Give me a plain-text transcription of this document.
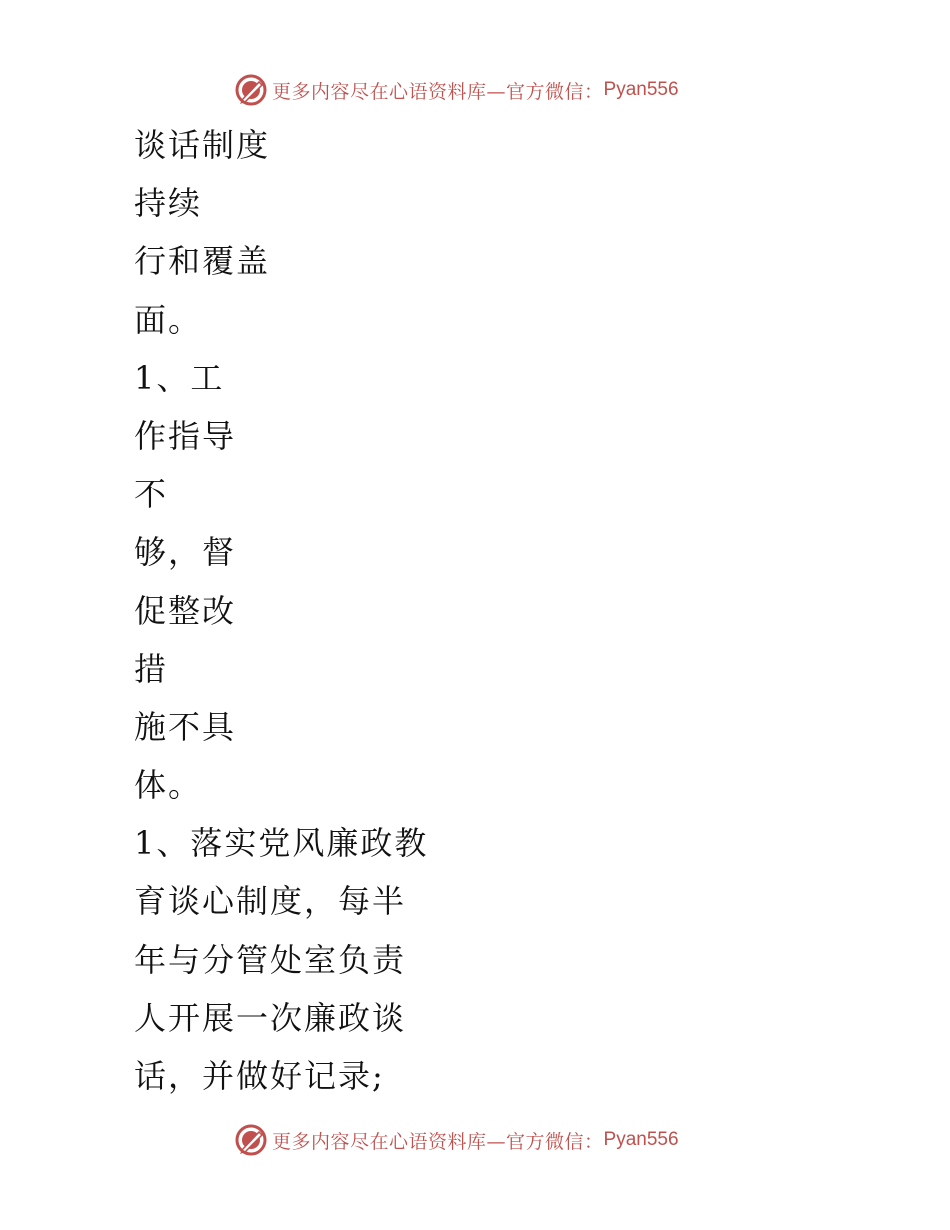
更多内容尽在心语资料库—官方微信： Pyan556
谈话制度
持续
行和覆盖
面。
1、工
作指导
不
够，督
促整改
措
施不具
体。
1、落实党风廉政教
育谈心制度，每半
年与分管处室负责
人开展一次廉政谈
话，并做好记录;
更多内容尽在心语资料库—官方微信： Pyan556
